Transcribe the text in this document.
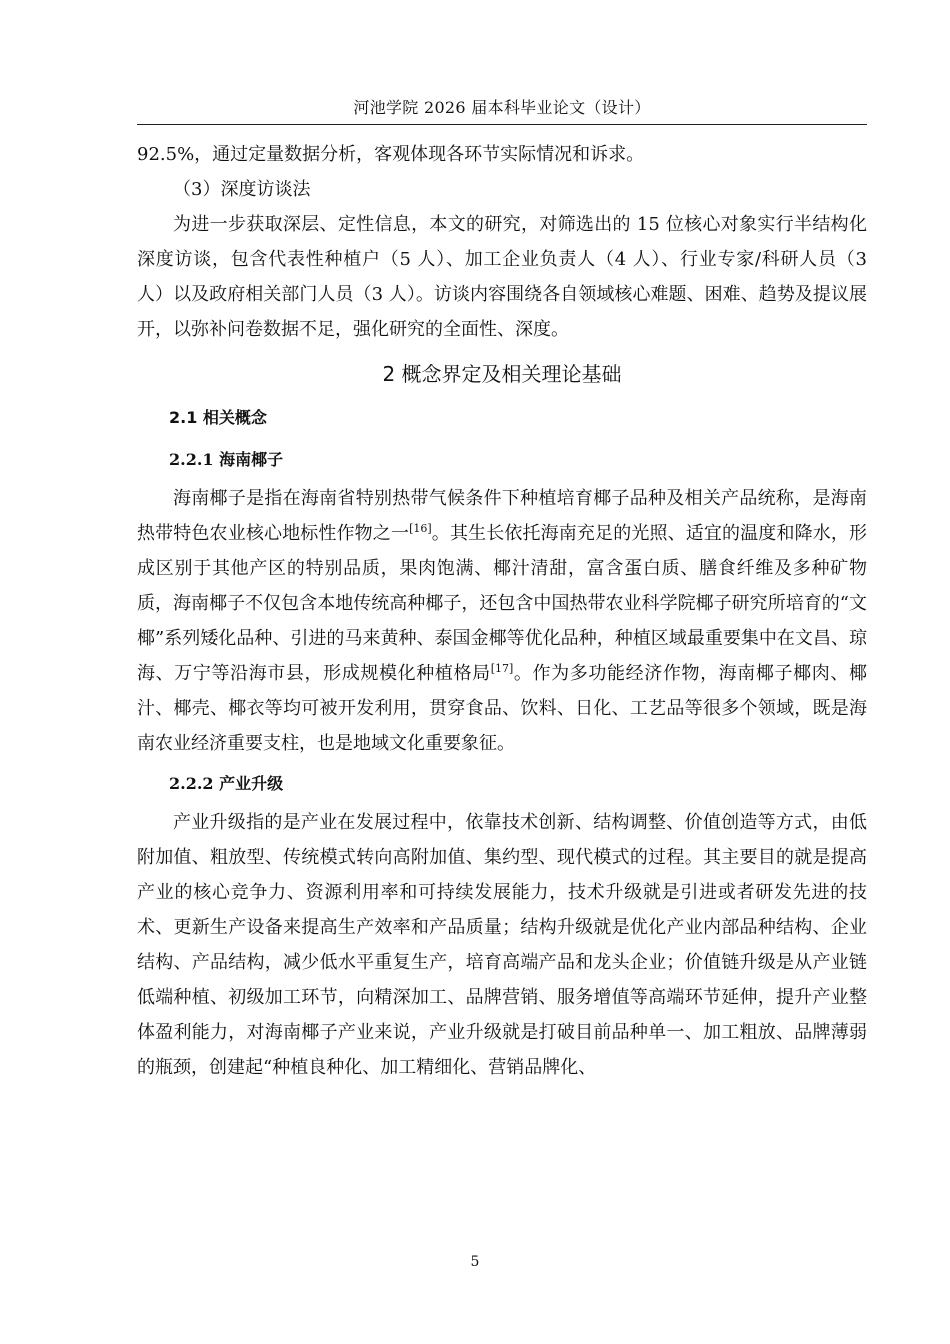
河池学院 2026 届本科毕业论文（设计）

92.5%，通过定量数据分析，客观体现各环节实际情况和诉求。

（3）深度访谈法

为进一步获取深层、定性信息，本文的研究，对筛选出的 15 位核心对象实行半结构化深度访谈，包含代表性种植户（5 人）、加工企业负责人（4 人）、行业专家/科研人员（3 人）以及政府相关部门人员（3 人）。访谈内容围绕各自领域核心难题、困难、趋势及提议展开，以弥补问卷数据不足，强化研究的全面性、深度。

2 概念界定及相关理论基础
2.1 相关概念
2.2.1 海南椰子

海南椰子是指在海南省特别热带气候条件下种植培育椰子品种及相关产品统称，是海南热带特色农业核心地标性作物之一[16]。其生长依托海南充足的光照、适宜的温度和降水，形成区别于其他产区的特别品质，果肉饱满、椰汁清甜，富含蛋白质、膳食纤维及多种矿物质，海南椰子不仅包含本地传统高种椰子，还包含中国热带农业科学院椰子研究所培育的“文椰”系列矮化品种、引进的马来黄种、泰国金椰等优化品种，种植区域最重要集中在文昌、琼海、万宁等沿海市县，形成规模化种植格局[17]。作为多功能经济作物，海南椰子椰肉、椰汁、椰壳、椰衣等均可被开发利用，贯穿食品、饮料、日化、工艺品等很多个领域，既是海南农业经济重要支柱，也是地域文化重要象征。

2.2.2 产业升级

产业升级指的是产业在发展过程中，依靠技术创新、结构调整、价值创造等方式，由低附加值、粗放型、传统模式转向高附加值、集约型、现代模式的过程。其主要目的就是提高产业的核心竞争力、资源利用率和可持续发展能力，技术升级就是引进或者研发先进的技术、更新生产设备来提高生产效率和产品质量；结构升级就是优化产业内部品种结构、企业结构、产品结构，减少低水平重复生产，培育高端产品和龙头企业；价值链升级是从产业链低端种植、初级加工环节，向精深加工、品牌营销、服务增值等高端环节延伸，提升产业整体盈利能力，对海南椰子产业来说，产业升级就是打破目前品种单一、加工粗放、品牌薄弱的瓶颈，创建起“种植良种化、加工精细化、营销品牌化、

5
